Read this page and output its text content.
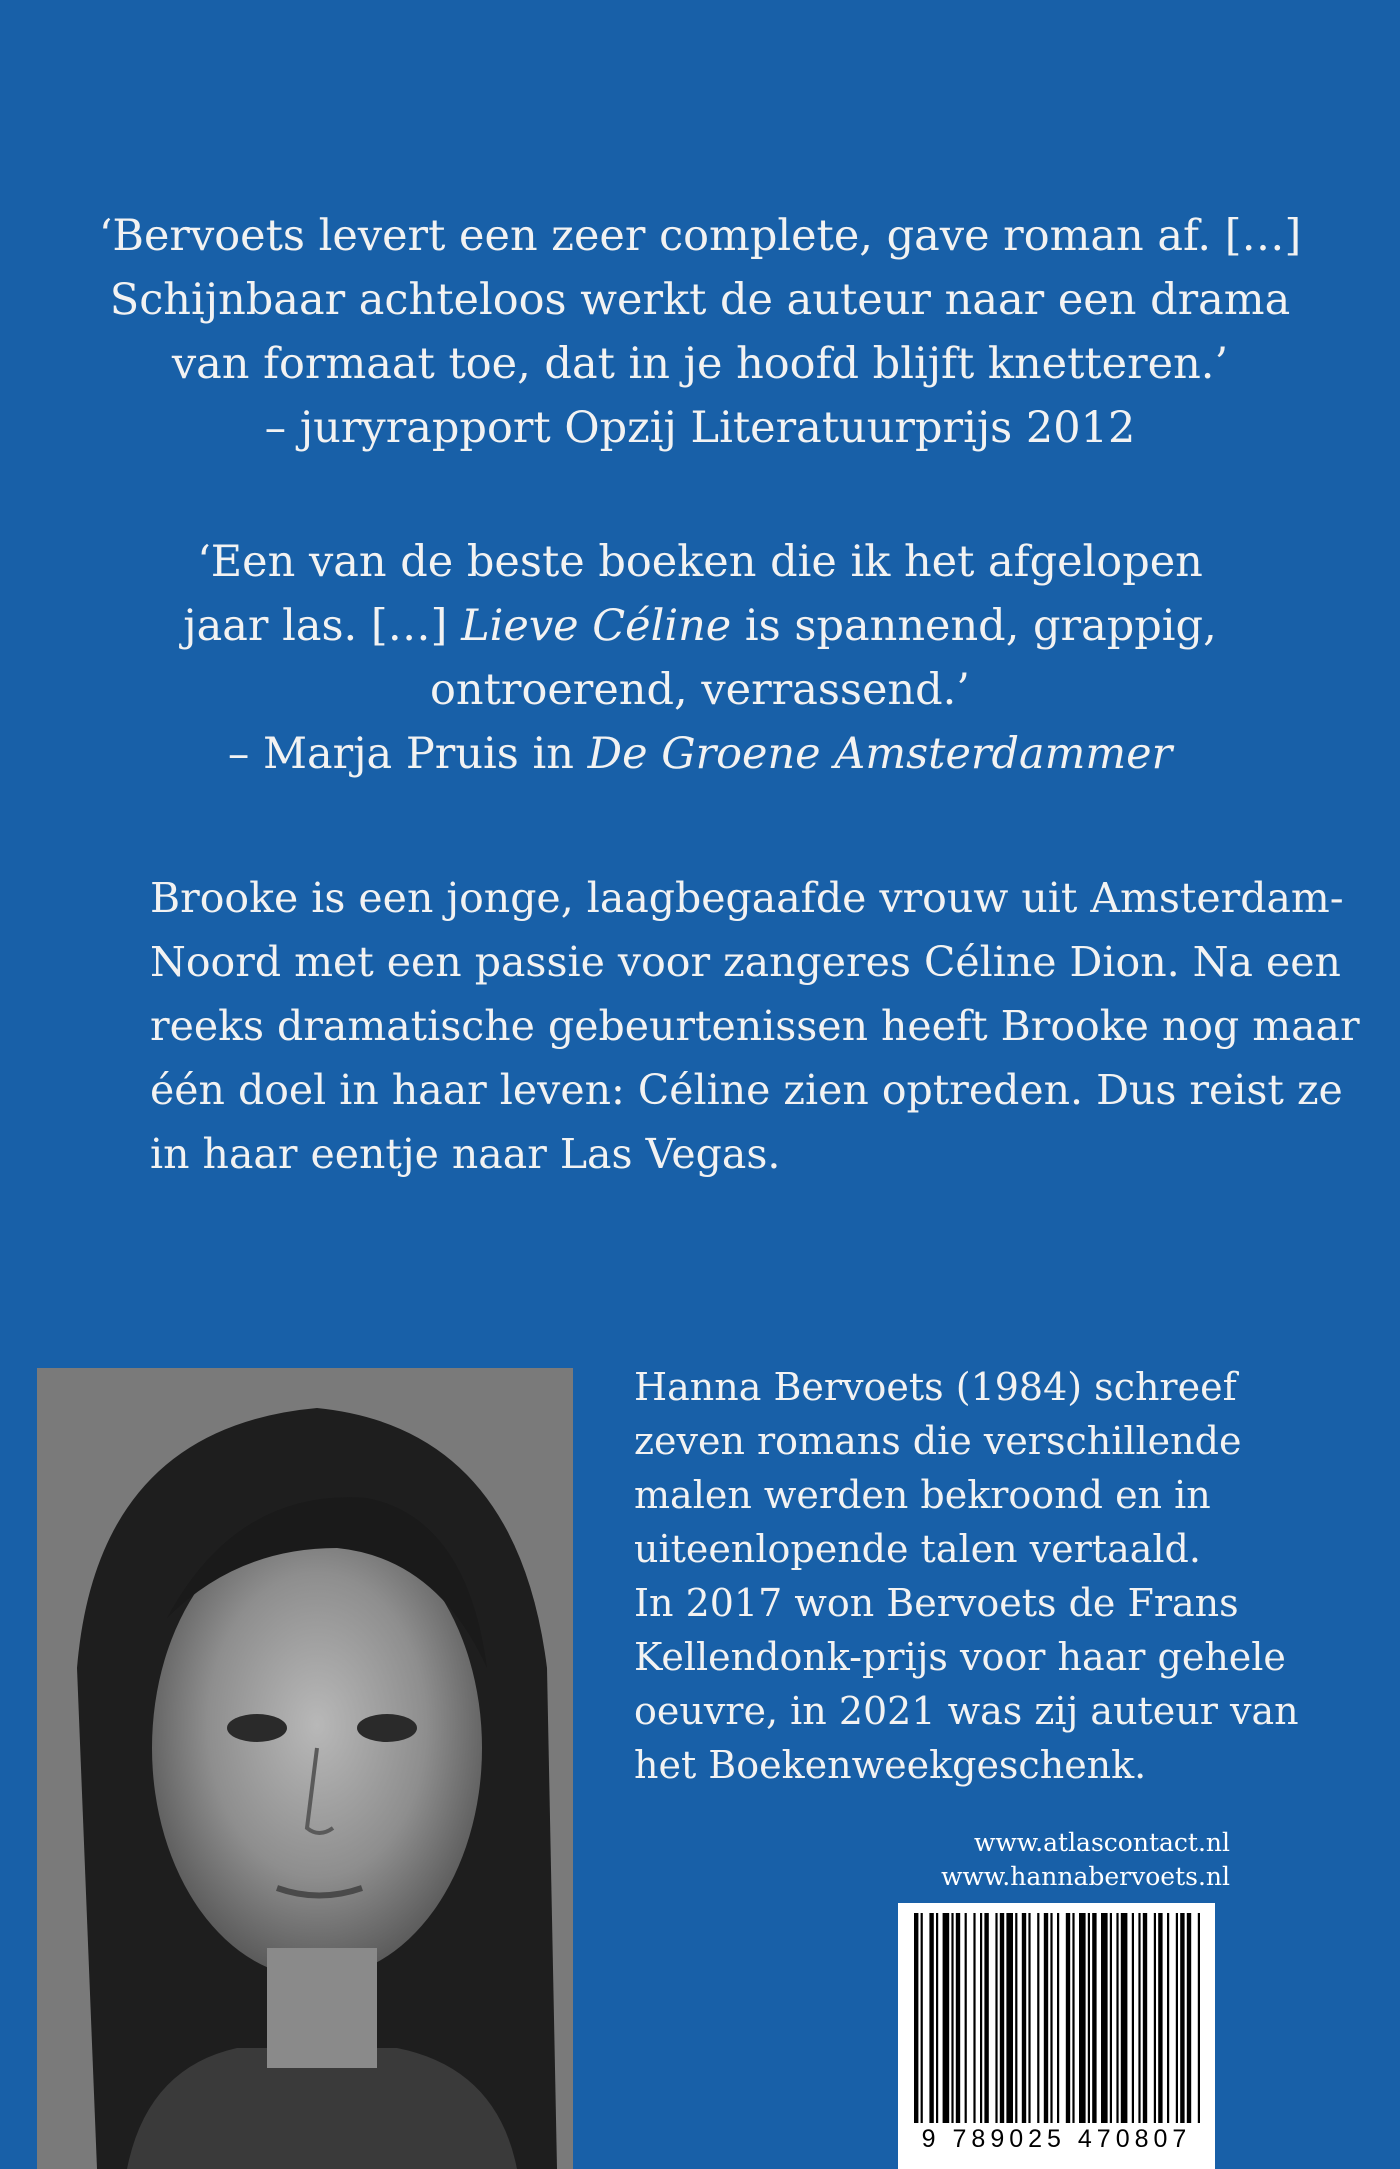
‘Bervoets levert een zeer complete, gave roman af. […]
Schijnbaar achteloos werkt de auteur naar een drama
van formaat toe, dat in je hoofd blijft knetteren.’
– juryrapport Opzij Literatuurprijs 2012
‘Een van de beste boeken die ik het afgelopen
jaar las. […] Lieve Céline is spannend, grappig,
ontroerend, verrassend.’
– Marja Pruis in De Groene Amsterdammer
Brooke is een jonge, laagbegaafde vrouw uit Amsterdam-
Noord met een passie voor zangeres Céline Dion. Na een
reeks dramatische gebeurtenissen heeft Brooke nog maar
één doel in haar leven: Céline zien optreden. Dus reist ze
in haar eentje naar Las Vegas.
Hanna Bervoets (1984) schreef
zeven romans die verschillende
malen werden bekroond en in
uiteenlopende talen vertaald.
In 2017 won Bervoets de Frans
Kellendonk-prijs voor haar gehele
oeuvre, in 2021 was zij auteur van
het Boekenweekgeschenk.
www.atlascontact.nl
www.hannabervoets.nl
9 789025 470807
